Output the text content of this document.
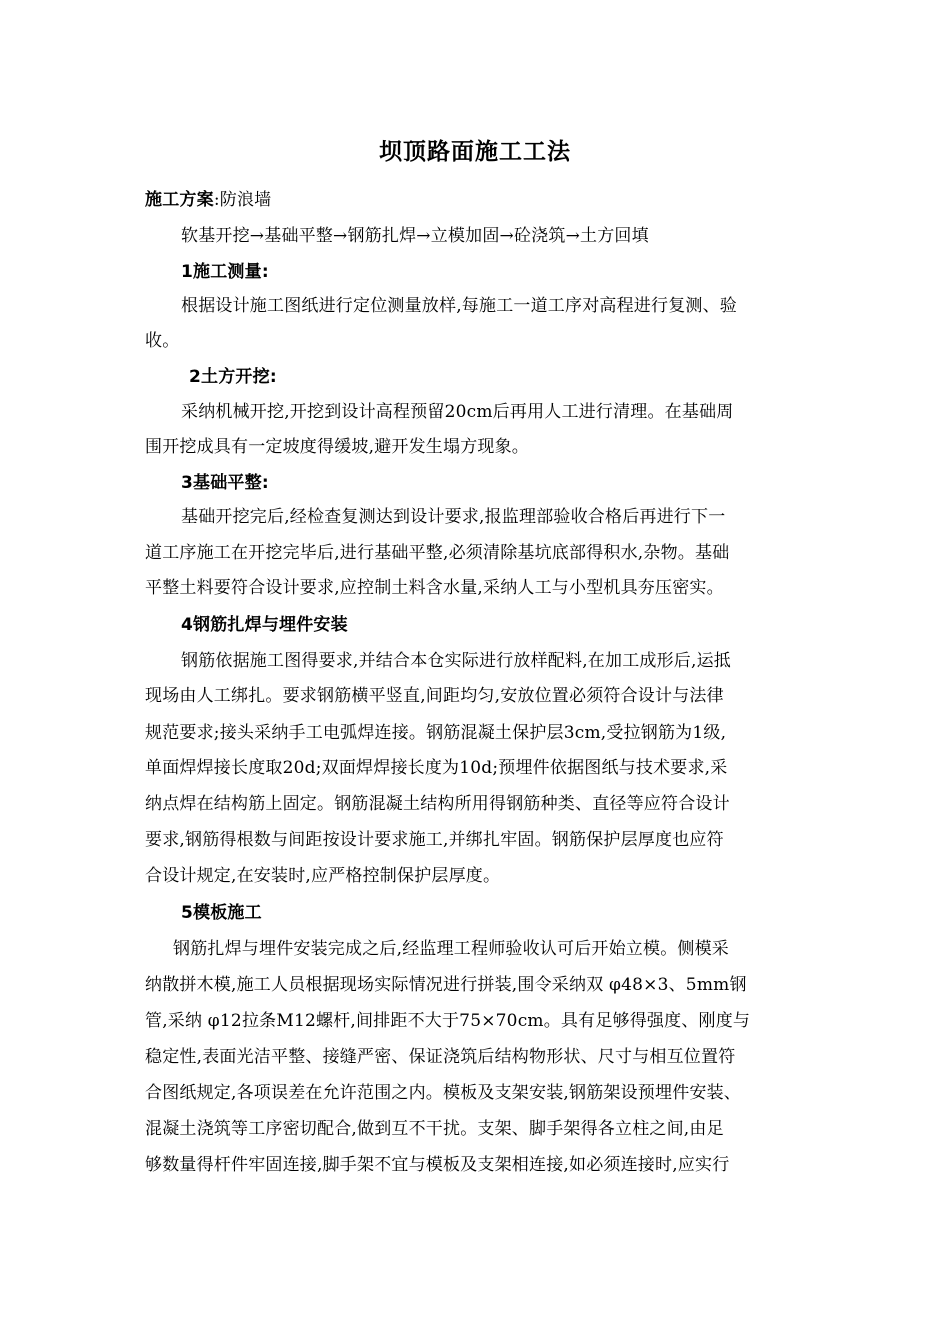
坝顶路面施工工法
施工方案:防浪墙
软基开挖→基础平整→钢筋扎焊→立模加固→砼浇筑→土方回填
1施工测量:
根据设计施工图纸进行定位测量放样,每施工一道工序对高程进行复测、验
收。
2土方开挖:
采纳机械开挖,开挖到设计高程预留20cm后再用人工进行清理。在基础周
围开挖成具有一定坡度得缓坡,避开发生塌方现象。
3基础平整:
基础开挖完后,经检查复测达到设计要求,报监理部验收合格后再进行下一
道工序施工在开挖完毕后,进行基础平整,必须清除基坑底部得积水,杂物。基础
平整土料要符合设计要求,应控制土料含水量,采纳人工与小型机具夯压密实。
4钢筋扎焊与埋件安装
钢筋依据施工图得要求,并结合本仓实际进行放样配料,在加工成形后,运抵
现场由人工绑扎。要求钢筋横平竖直,间距均匀,安放位置必须符合设计与法律
规范要求;接头采纳手工电弧焊连接。钢筋混凝土保护层3cm,受拉钢筋为1级,
单面焊焊接长度取20d;双面焊焊接长度为10d;预埋件依据图纸与技术要求,采
纳点焊在结构筋上固定。钢筋混凝土结构所用得钢筋种类、直径等应符合设计
要求,钢筋得根数与间距按设计要求施工,并绑扎牢固。钢筋保护层厚度也应符
合设计规定,在安装时,应严格控制保护层厚度。
5模板施工
钢筋扎焊与埋件安装完成之后,经监理工程师验收认可后开始立模。侧模采
纳散拼木模,施工人员根据现场实际情况进行拼装,围令采纳双 φ48×3、5mm钢
管,采纳 φ12拉条M12螺杆,间排距不大于75×70cm。具有足够得强度、刚度与
稳定性,表面光洁平整、接缝严密、保证浇筑后结构物形状、尺寸与相互位置符
合图纸规定,各项误差在允许范围之内。模板及支架安装,钢筋架设预埋件安装、
混凝土浇筑等工序密切配合,做到互不干扰。支架、脚手架得各立柱之间,由足
够数量得杆件牢固连接,脚手架不宜与模板及支架相连接,如必须连接时,应实行
